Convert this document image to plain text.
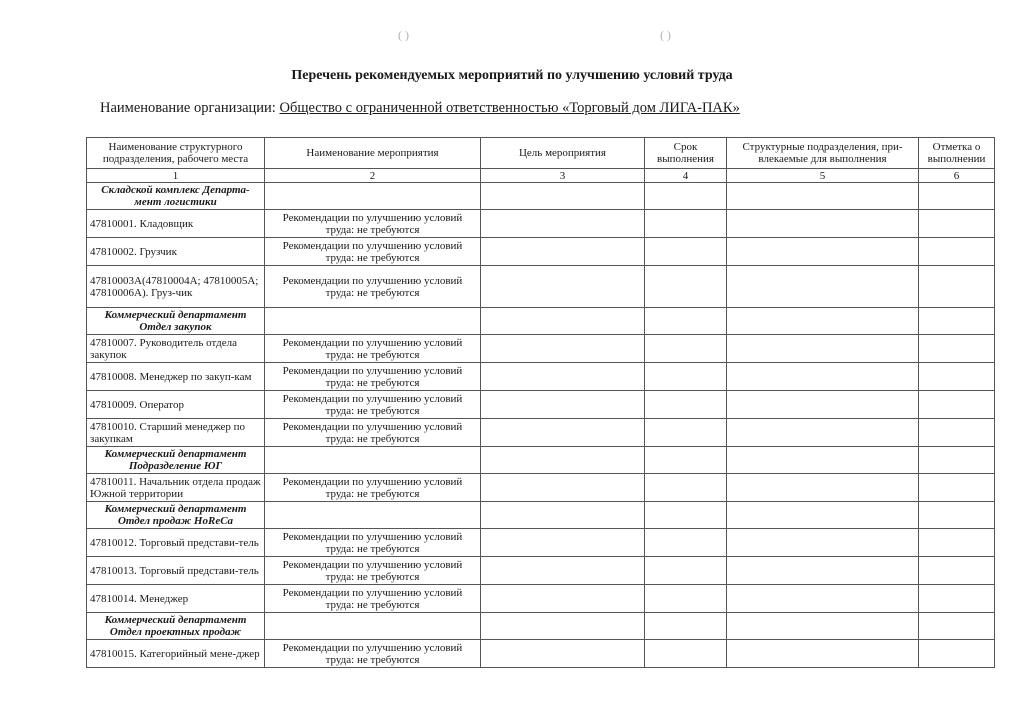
( )	( )
Перечень рекомендуемых мероприятий по улучшению условий труда
Наименование организации: Общество с ограниченной ответственностью «Торговый дом ЛИГА-ПАК»
Наименование структурного подразделения, рабочего места	Наименование мероприятия	Цель мероприятия	Срок выполнения	Структурные подразделения, при-влекаемые для выполнения	Отметка о выполнении
1	2	3	4	5	6
Складской комплекс Департа-мент логистики					
47810001. Кладовщик	Рекомендации по улучшению условий труда: не требуются				
47810002. Грузчик	Рекомендации по улучшению условий труда: не требуются				
47810003А(47810004А; 47810005А; 47810006А). Груз-чик	Рекомендации по улучшению условий труда: не требуются				
Коммерческий департамент Отдел закупок					
47810007. Руководитель отдела закупок	Рекомендации по улучшению условий труда: не требуются				
47810008. Менеджер по закуп-кам	Рекомендации по улучшению условий труда: не требуются				
47810009. Оператор	Рекомендации по улучшению условий труда: не требуются				
47810010. Старший менеджер по закупкам	Рекомендации по улучшению условий труда: не требуются				
Коммерческий департамент Подразделение ЮГ					
47810011. Начальник отдела продаж Южной территории	Рекомендации по улучшению условий труда: не требуются				
Коммерческий департамент Отдел продаж HoReCa					
47810012. Торговый представи-тель	Рекомендации по улучшению условий труда: не требуются				
47810013. Торговый представи-тель	Рекомендации по улучшению условий труда: не требуются				
47810014. Менеджер	Рекомендации по улучшению условий труда: не требуются				
Коммерческий департамент Отдел проектных продаж					
47810015. Категорийный мене-джер	Рекомендации по улучшению условий труда: не требуются				
